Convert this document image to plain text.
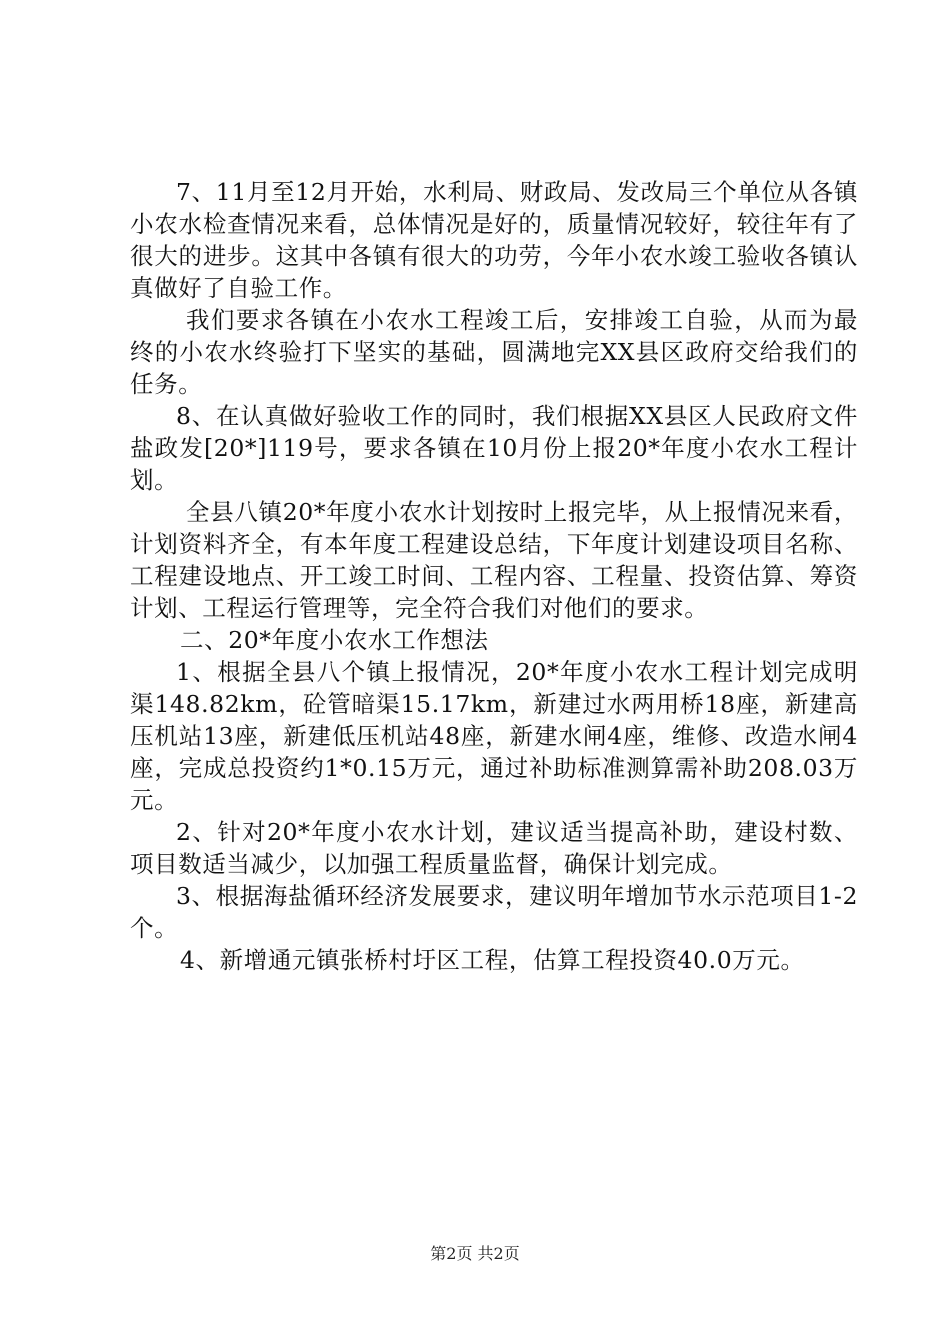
7、11月至12月开始，水利局、财政局、发改局三个单位从各镇小农水检查情况来看，总体情况是好的，质量情况较好，较往年有了很大的进步。这其中各镇有很大的功劳，今年小农水竣工验收各镇认真做好了自验工作。

我们要求各镇在小农水工程竣工后，安排竣工自验，从而为最终的小农水终验打下坚实的基础，圆满地完XX县区政府交给我们的任务。

8、在认真做好验收工作的同时，我们根据XX县区人民政府文件盐政发[20*]119号，要求各镇在10月份上报20*年度小农水工程计划。

全县八镇20*年度小农水计划按时上报完毕，从上报情况来看，计划资料齐全，有本年度工程建设总结，下年度计划建设项目名称、工程建设地点、开工竣工时间、工程内容、工程量、投资估算、筹资计划、工程运行管理等，完全符合我们对他们的要求。

二、20*年度小农水工作想法

1、根据全县八个镇上报情况，20*年度小农水工程计划完成明渠148.82km，砼管暗渠15.17km，新建过水两用桥18座，新建高压机站13座，新建低压机站48座，新建水闸4座，维修、改造水闸4座，完成总投资约1*0.15万元，通过补助标准测算需补助208.03万元。

2、针对20*年度小农水计划，建议适当提高补助，建设村数、项目数适当减少，以加强工程质量监督，确保计划完成。

3、根据海盐循环经济发展要求，建议明年增加节水示范项目1-2个。

4、新增通元镇张桥村圩区工程，估算工程投资40.0万元。

第2页 共2页
